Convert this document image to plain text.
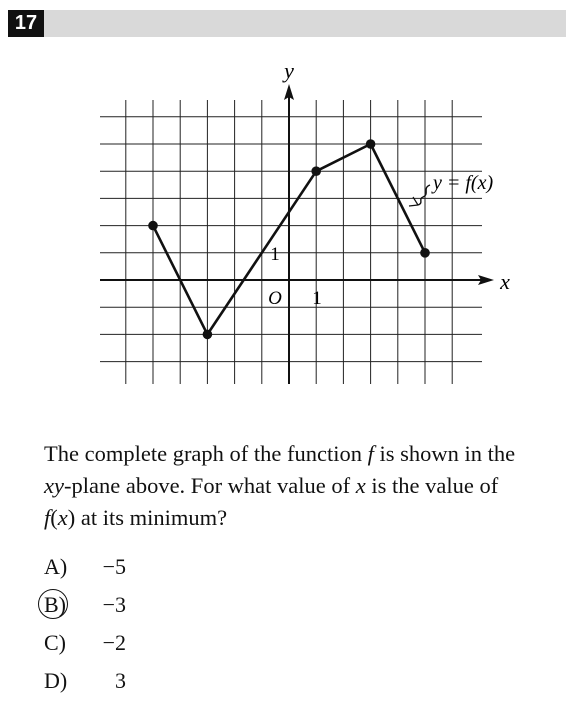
17
y
x
O 1
1
y = f(x)
The complete graph of the function f is shown in the
xy-plane above. For what value of x is the value of
f(x) at its minimum?
A) −5
B) −3
C) −2
D) 3
